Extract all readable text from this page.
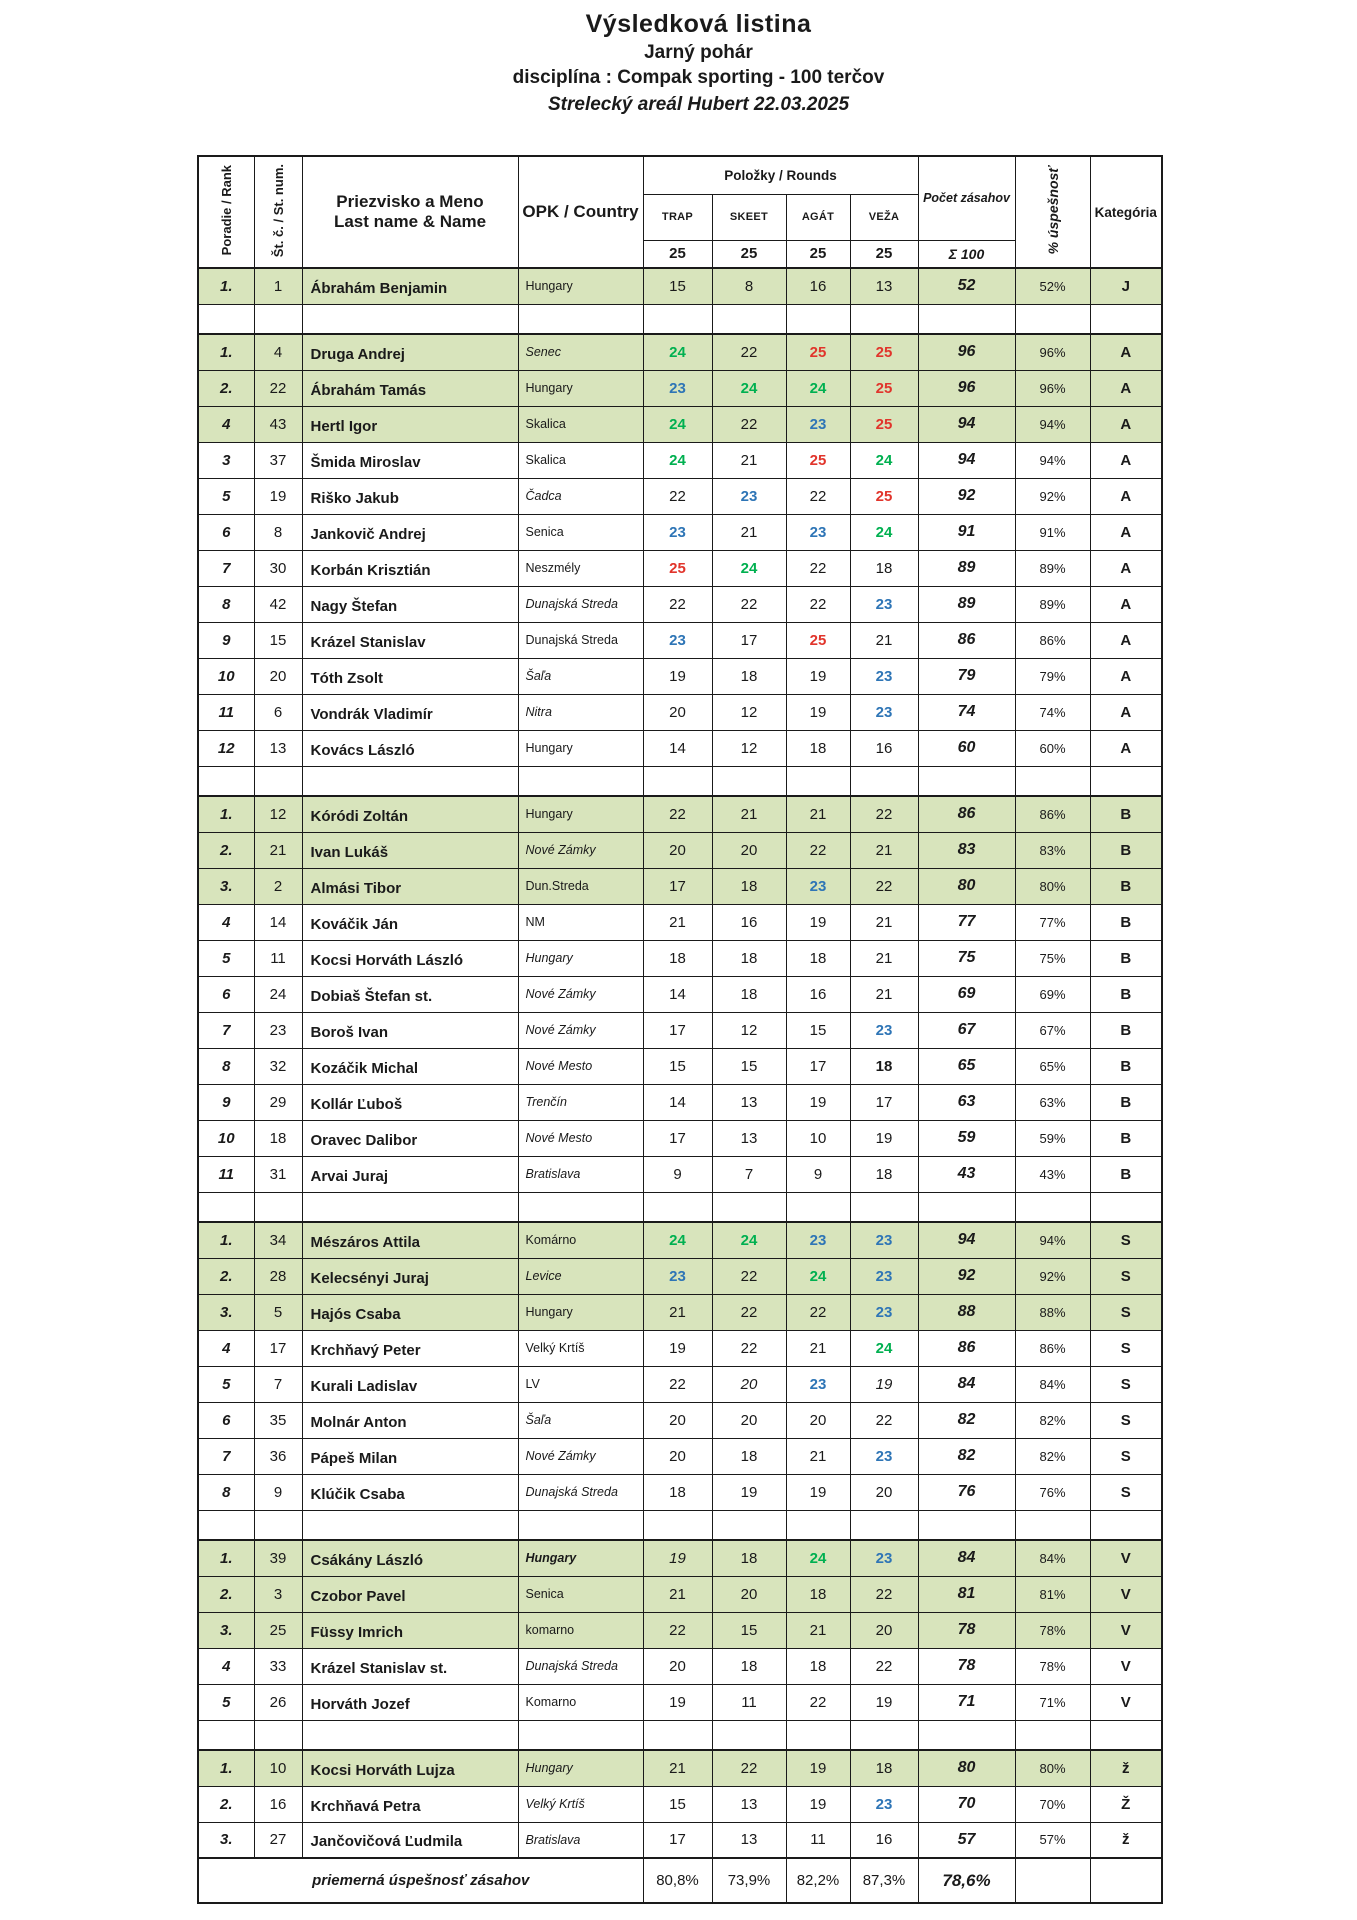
Výsledková listina
Jarný pohár
disciplína : Compak sporting - 100 terčov
Strelecký areál Hubert 22.03.2025
Poradie / Rank	Št. č. / St. num.	Priezvisko a Meno
Last name & Name	OPK / Country	Položky / Rounds				Počet zásahov	% úspešnosť	Kategória
				TRAP	SKEET	AGÁT	VEŽA			
				25	25	25	25	Σ 100		
1.	1	Ábrahám Benjamin	Hungary	15	8	16	13	52	52%	J

1.	4	Druga Andrej	Senec	24	22	25	25	96	96%	A
2.	22	Ábrahám Tamás	Hungary	23	24	24	25	96	96%	A
4	43	Hertl Igor	Skalica	24	22	23	25	94	94%	A
3	37	Šmida Miroslav	Skalica	24	21	25	24	94	94%	A
5	19	Riško Jakub	Čadca	22	23	22	25	92	92%	A
6	8	Jankovič Andrej	Senica	23	21	23	24	91	91%	A
7	30	Korbán Krisztián	Neszmély	25	24	22	18	89	89%	A
8	42	Nagy Štefan	Dunajská Streda	22	22	22	23	89	89%	A
9	15	Krázel Stanislav	Dunajská Streda	23	17	25	21	86	86%	A
10	20	Tóth Zsolt	Šaľa	19	18	19	23	79	79%	A
11	6	Vondrák Vladimír	Nitra	20	12	19	23	74	74%	A
12	13	Kovács László	Hungary	14	12	18	16	60	60%	A

1.	12	Kóródi Zoltán	Hungary	22	21	21	22	86	86%	B
2.	21	Ivan Lukáš	Nové Zámky	20	20	22	21	83	83%	B
3.	2	Almási Tibor	Dun.Streda	17	18	23	22	80	80%	B
4	14	Kováčik Ján	NM	21	16	19	21	77	77%	B
5	11	Kocsi Horváth László	Hungary	18	18	18	21	75	75%	B
6	24	Dobiaš Štefan st.	Nové Zámky	14	18	16	21	69	69%	B
7	23	Boroš Ivan	Nové Zámky	17	12	15	23	67	67%	B
8	32	Kozáčik Michal	Nové Mesto	15	15	17	18	65	65%	B
9	29	Kollár Ľuboš	Trenčín	14	13	19	17	63	63%	B
10	18	Oravec Dalibor	Nové Mesto	17	13	10	19	59	59%	B
11	31	Arvai Juraj	Bratislava	9	7	9	18	43	43%	B

1.	34	Mészáros Attila	Komárno	24	24	23	23	94	94%	S
2.	28	Kelecsényi Juraj	Levice	23	22	24	23	92	92%	S
3.	5	Hajós Csaba	Hungary	21	22	22	23	88	88%	S
4	17	Krchňavý Peter	Velký Krtíš	19	22	21	24	86	86%	S
5	7	Kurali Ladislav	LV	22	20	23	19	84	84%	S
6	35	Molnár Anton	Šaľa	20	20	20	22	82	82%	S
7	36	Pápeš Milan	Nové Zámky	20	18	21	23	82	82%	S
8	9	Klúčik Csaba	Dunajská Streda	18	19	19	20	76	76%	S

1.	39	Csákány László	Hungary	19	18	24	23	84	84%	V
2.	3	Czobor Pavel	Senica	21	20	18	22	81	81%	V
3.	25	Füssy Imrich	komarno	22	15	21	20	78	78%	V
4	33	Krázel Stanislav st.	Dunajská Streda	20	18	18	22	78	78%	V
5	26	Horváth Jozef	Komarno	19	11	22	19	71	71%	V

1.	10	Kocsi Horváth Lujza	Hungary	21	22	19	18	80	80%	ž
2.	16	Krchňavá Petra	Velký Krtíš	15	13	19	23	70	70%	Ž
3.	27	Jančovičová Ľudmila	Bratislava	17	13	11	16	57	57%	ž
priemerná úspešnosť zásahov				80,8%	73,9%	82,2%	87,3%	78,6%		
